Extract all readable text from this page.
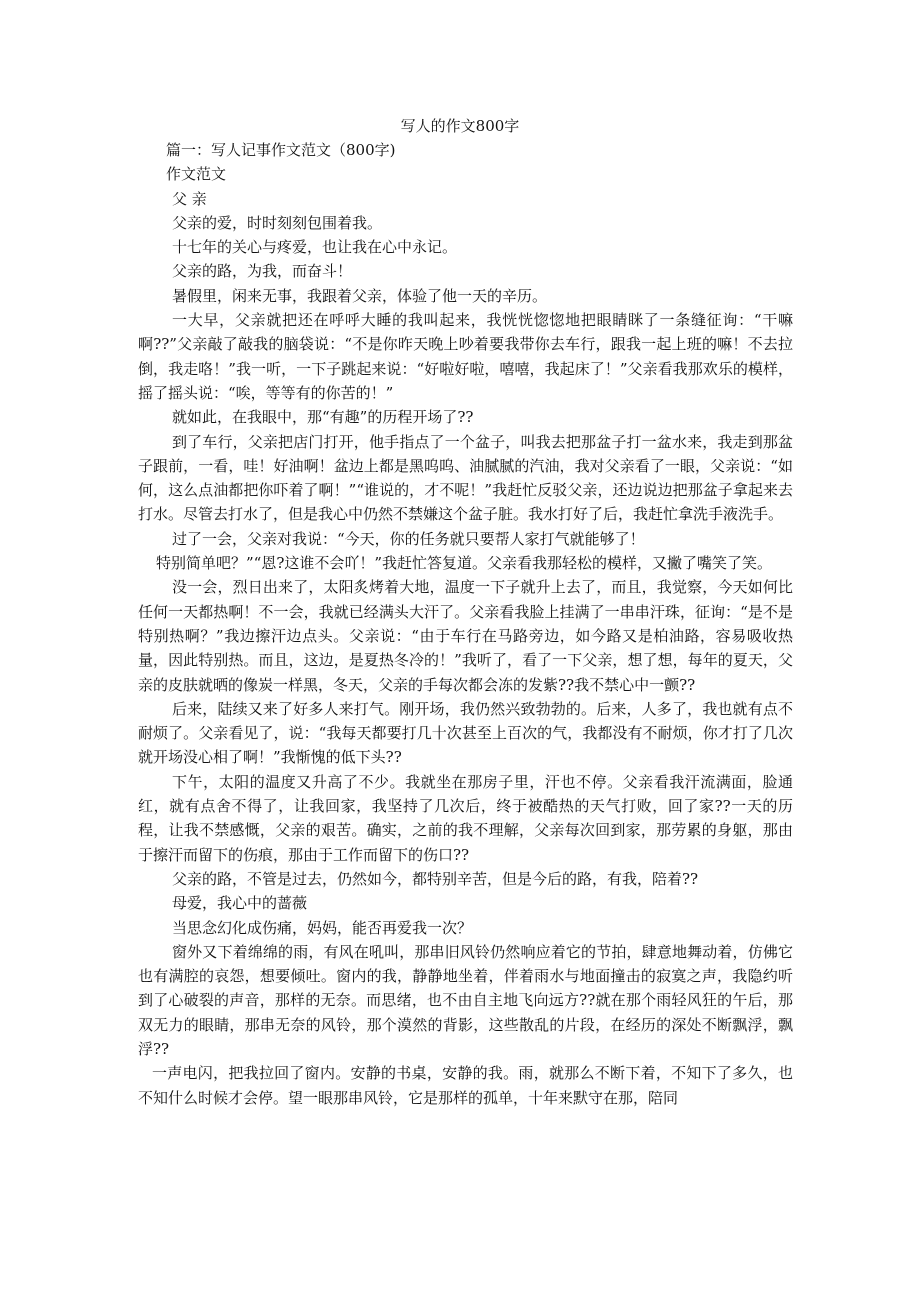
写人的作文800字

篇一：写人记事作文范文（800字)

作文范文

父 亲

父亲的爱，时时刻刻包围着我。

十七年的关心与疼爱，也让我在心中永记。

父亲的路，为我，而奋斗！

暑假里，闲来无事，我跟着父亲，体验了他一天的辛历。

一大早，父亲就把还在呼呼大睡的我叫起来，我恍恍惚惚地把眼睛眯了一条缝征询：“干嘛啊??”父亲敲了敲我的脑袋说：“不是你昨天晚上吵着要我带你去车行，跟我一起上班的嘛！不去拉倒，我走咯！”我一听，一下子跳起来说：“好啦好啦，嘻嘻，我起床了！”父亲看我那欢乐的模样，摇了摇头说：“唉，等等有的你苦的！”

就如此，在我眼中，那“有趣”的历程开场了??

到了车行，父亲把店门打开，他手指点了一个盆子，叫我去把那盆子打一盆水来，我走到那盆子跟前，一看，哇！好油啊！盆边上都是黑呜呜、油腻腻的汽油，我对父亲看了一眼，父亲说：“如何，这么点油都把你吓着了啊！”“谁说的，才不呢！”我赶忙反驳父亲，还边说边把那盆子拿起来去打水。尽管去打水了，但是我心中仍然不禁嫌这个盆子脏。我水打好了后，我赶忙拿洗手液洗手。

过了一会，父亲对我说：“今天，你的任务就只要帮人家打气就能够了！

特别简单吧？”“恩?这谁不会吖！”我赶忙答复道。父亲看我那轻松的模样，又撇了嘴笑了笑。

没一会，烈日出来了，太阳炙烤着大地，温度一下子就升上去了，而且，我觉察，今天如何比任何一天都热啊！不一会，我就已经满头大汗了。父亲看我脸上挂满了一串串汗珠，征询：“是不是特别热啊？”我边擦汗边点头。父亲说：“由于车行在马路旁边，如今路又是柏油路，容易吸收热量，因此特别热。而且，这边，是夏热冬冷的！”我听了，看了一下父亲，想了想，每年的夏天，父亲的皮肤就晒的像炭一样黑，冬天，父亲的手每次都会冻的发紫??我不禁心中一颤??

后来，陆续又来了好多人来打气。刚开场，我仍然兴致勃勃的。后来，人多了，我也就有点不耐烦了。父亲看见了，说：“我每天都要打几十次甚至上百次的气，我都没有不耐烦，你才打了几次就开场没心相了啊！”我惭愧的低下头??

下午，太阳的温度又升高了不少。我就坐在那房子里，汗也不停。父亲看我汗流满面，脸通红，就有点舍不得了，让我回家，我坚持了几次后，终于被酷热的天气打败，回了家??一天的历程，让我不禁感慨，父亲的艰苦。确实，之前的我不理解，父亲每次回到家，那劳累的身躯，那由于擦汗而留下的伤痕，那由于工作而留下的伤口??

父亲的路，不管是过去，仍然如今，都特别辛苦，但是今后的路，有我，陪着??

母爱，我心中的蔷薇

当思念幻化成伤痛，妈妈，能否再爱我一次？

窗外又下着绵绵的雨，有风在吼叫，那串旧风铃仍然响应着它的节拍，肆意地舞动着，仿佛它也有满腔的哀怨，想要倾吐。窗内的我，静静地坐着，伴着雨水与地面撞击的寂寞之声，我隐约听到了心破裂的声音，那样的无奈。而思绪，也不由自主地飞向远方??就在那个雨轻风狂的午后，那双无力的眼睛，那串无奈的风铃，那个漠然的背影，这些散乱的片段，在经历的深处不断飘浮，飘浮??

一声电闪，把我拉回了窗内。安静的书桌，安静的我。雨，就那么不断下着，不知下了多久，也不知什么时候才会停。望一眼那串风铃，它是那样的孤单，十年来默守在那，陪同
